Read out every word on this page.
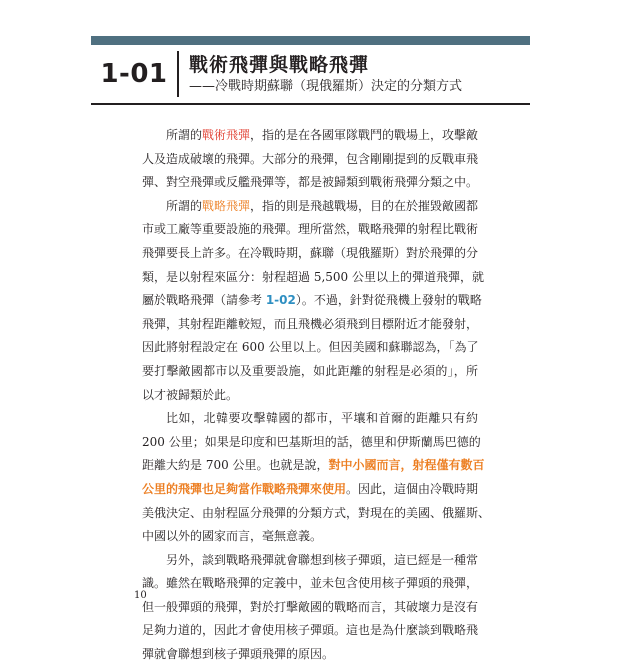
1-01	戰術飛彈與戰略飛彈
——冷戰時期蘇聯（現俄羅斯）決定的分類方式
所謂的戰術飛彈，指的是在各國軍隊戰鬥的戰場上，攻擊敵
人及造成破壞的飛彈。大部分的飛彈，包含剛剛提到的反戰車飛
彈、對空飛彈或反艦飛彈等，都是被歸類到戰術飛彈分類之中。
所謂的戰略飛彈，指的則是飛越戰場，目的在於摧毀敵國都
市或工廠等重要設施的飛彈。理所當然，戰略飛彈的射程比戰術
飛彈要長上許多。在冷戰時期，蘇聯（現俄羅斯）對於飛彈的分
類，是以射程來區分：射程超過 5,500 公里以上的彈道飛彈，就
屬於戰略飛彈（請參考 1-02）。不過，針對從飛機上發射的戰略
飛彈，其射程距離較短，而且飛機必須飛到目標附近才能發射，
因此將射程設定在 600 公里以上。但因美國和蘇聯認為，「為了
要打擊敵國都市以及重要設施，如此距離的射程是必須的」，所
以才被歸類於此。
比如，北韓要攻擊韓國的都市，平壤和首爾的距離只有約
200 公里；如果是印度和巴基斯坦的話，德里和伊斯蘭馬巴德的
距離大約是 700 公里。也就是說，對中小國而言，射程僅有數百
公里的飛彈也足夠當作戰略飛彈來使用。因此，這個由冷戰時期
美俄決定、由射程區分飛彈的分類方式，對現在的美國、俄羅斯、
中國以外的國家而言，毫無意義。
另外，談到戰略飛彈就會聯想到核子彈頭，這已經是一種常
識。雖然在戰略飛彈的定義中，並未包含使用核子彈頭的飛彈，
但一般彈頭的飛彈，對於打擊敵國的戰略而言，其破壞力是沒有
足夠力道的，因此才會使用核子彈頭。這也是為什麼談到戰略飛
彈就會聯想到核子彈頭飛彈的原因。
10
